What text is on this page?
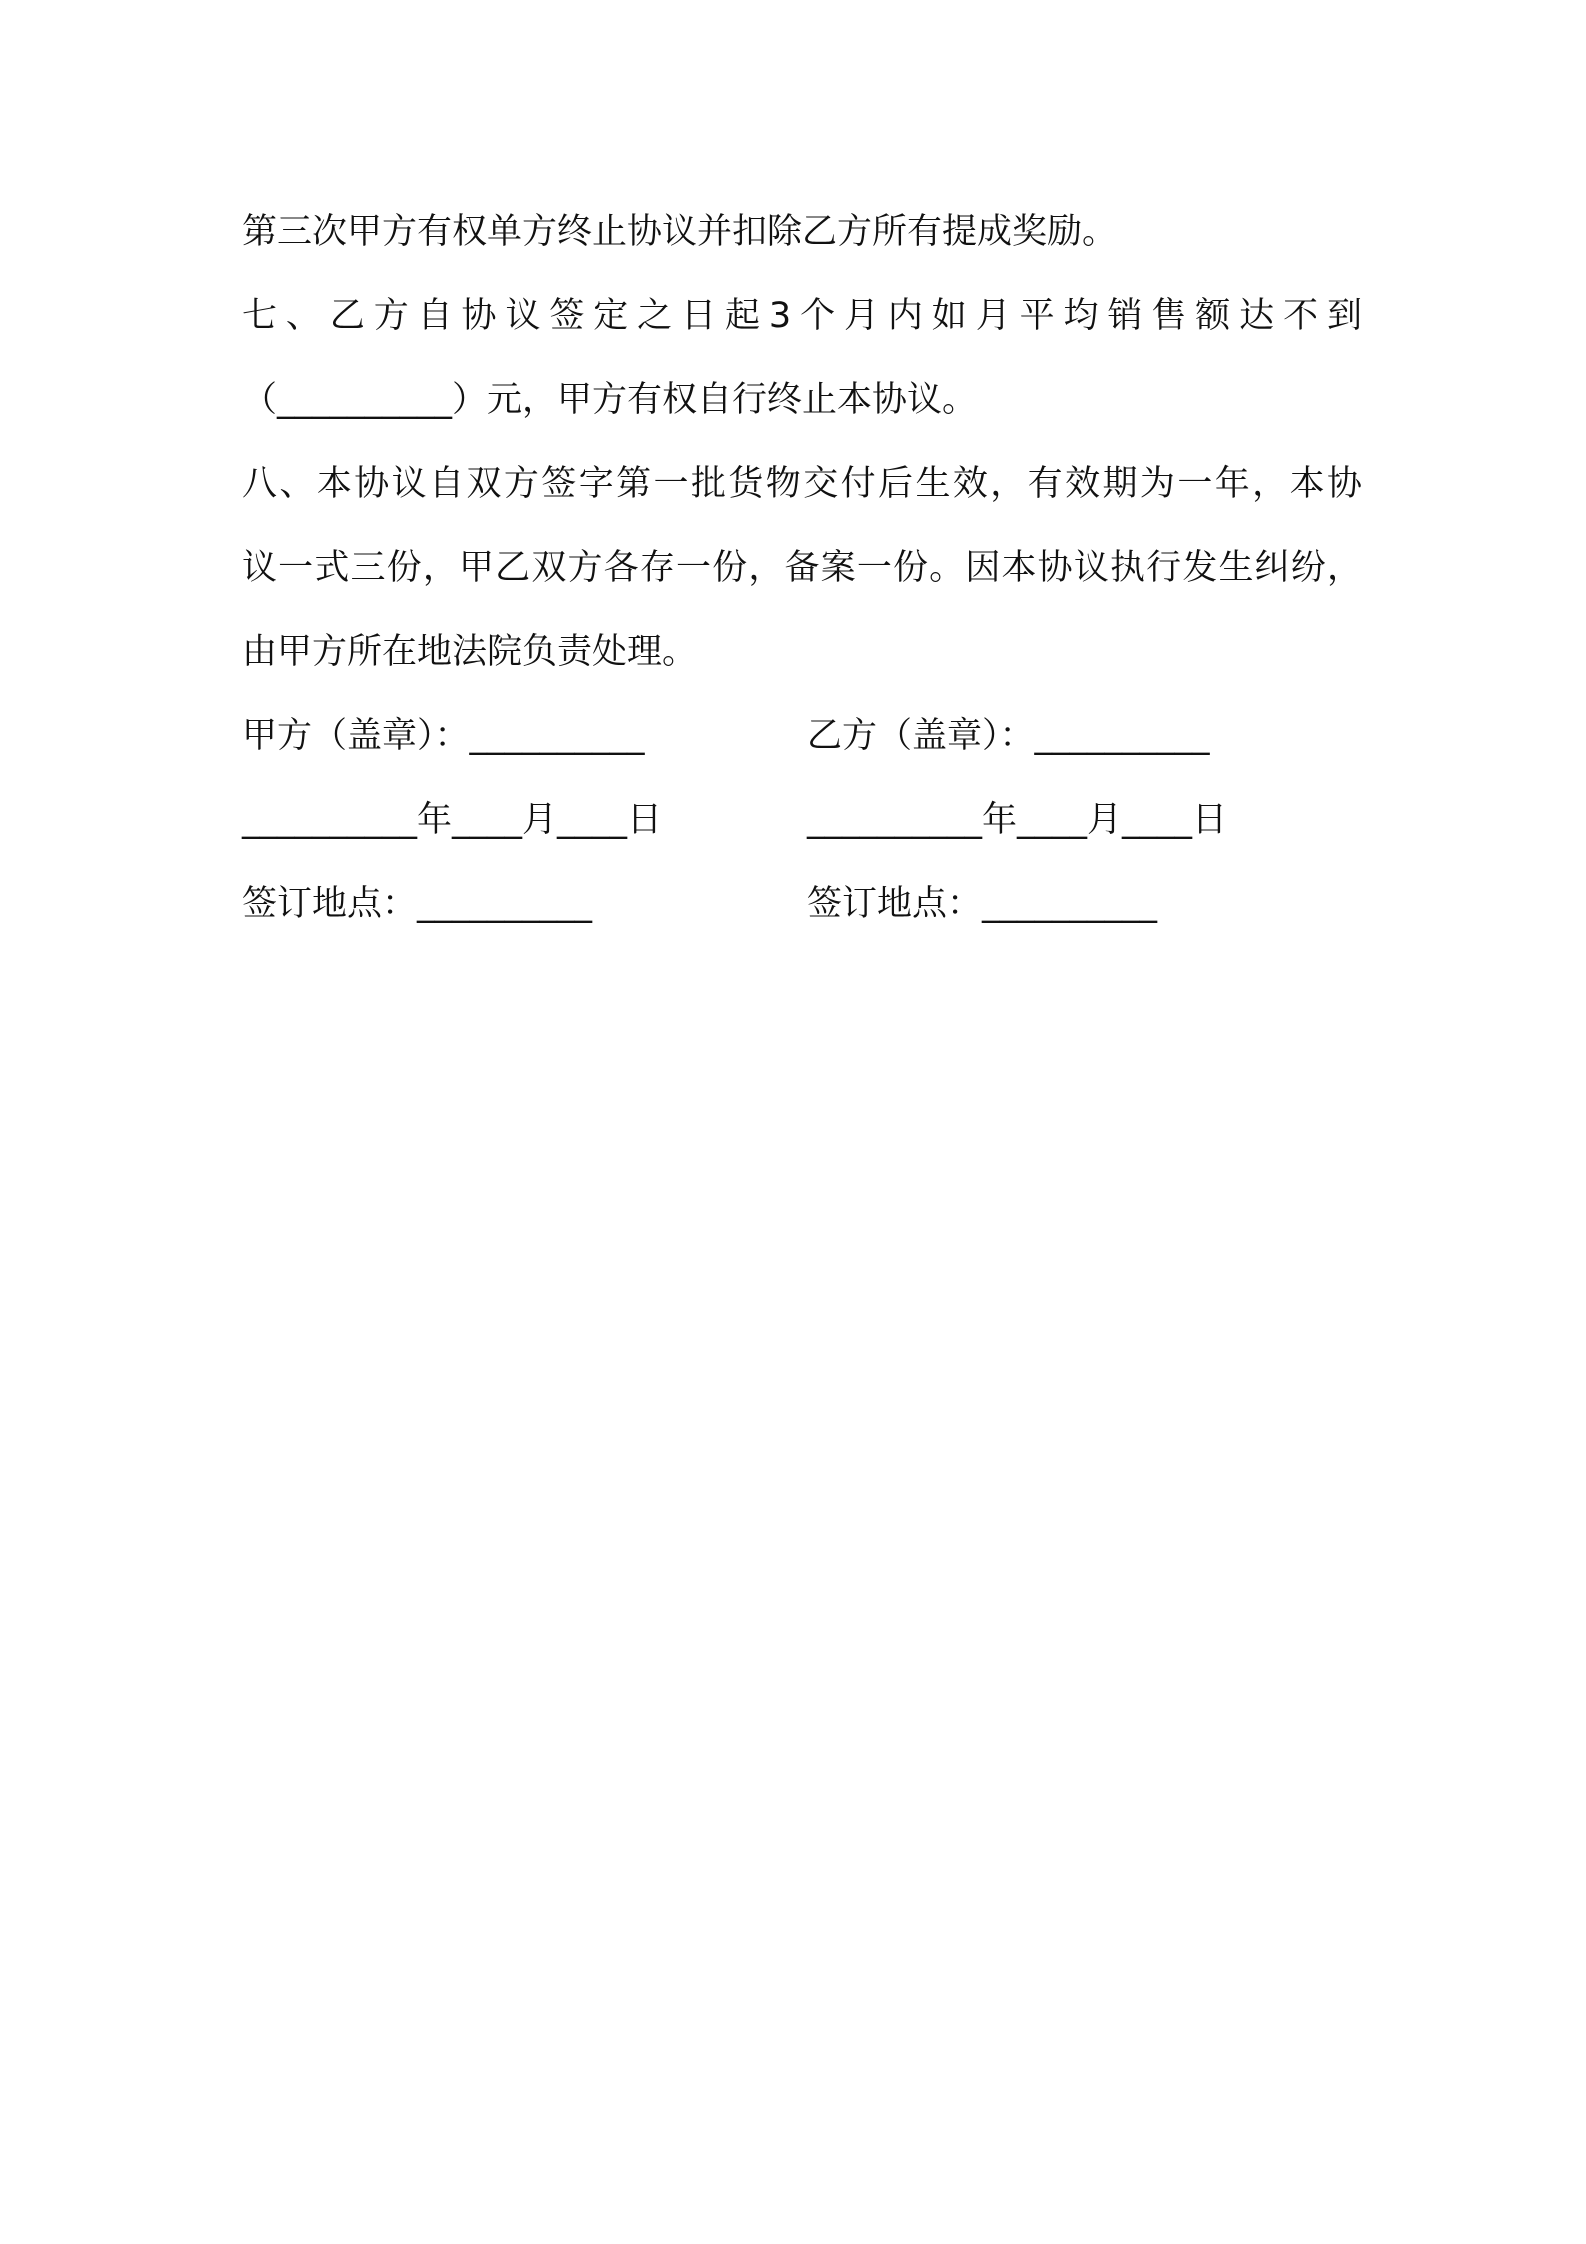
第三次甲方有权单方终止协议并扣除乙方所有提成奖励。
七、乙方自协议签定之日起3个月内如月平均销售额达不到
（__________）元，甲方有权自行终止本协议。
八、本协议自双方签字第一批货物交付后生效，有效期为一年，本协
议一式三份，甲乙双方各存一份，备案一份。因本协议执行发生纠纷，
由甲方所在地法院负责处理。
甲方（盖章）：__________	乙方（盖章）：__________
__________年____月____日	__________年____月____日
签订地点：__________	签订地点：__________
